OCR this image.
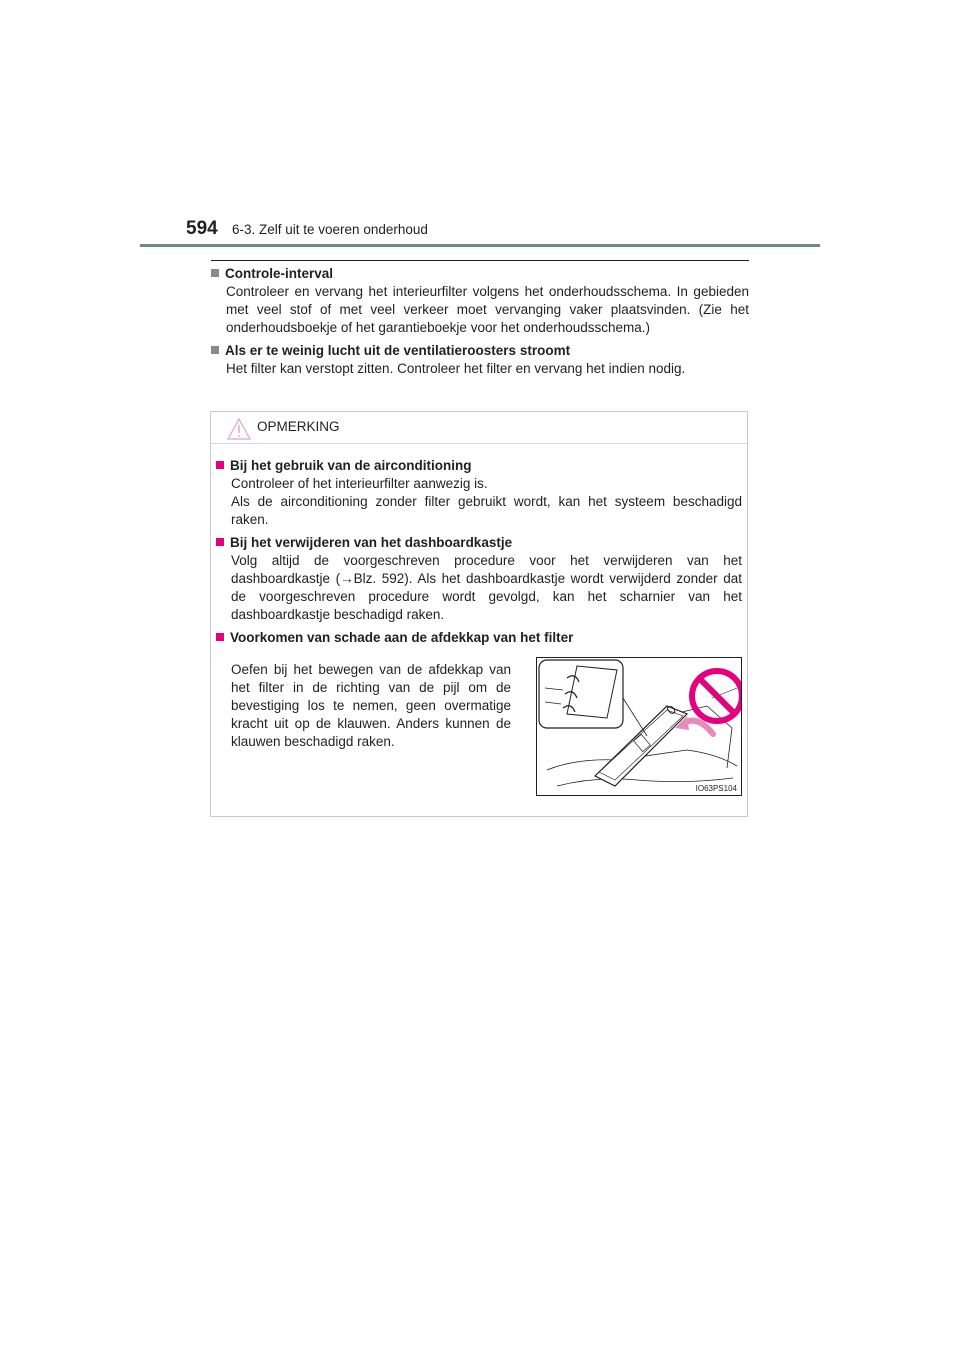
594 6-3. Zelf uit te voeren onderhoud
Controle-interval
Controleer en vervang het interieurfilter volgens het onderhoudsschema. In gebieden met veel stof of met veel verkeer moet vervanging vaker plaatsvinden. (Zie het onderhoudsboekje of het garantieboekje voor het onderhoudsschema.)
Als er te weinig lucht uit de ventilatieroosters stroomt
Het filter kan verstopt zitten. Controleer het filter en vervang het indien nodig.
OPMERKING
Bij het gebruik van de airconditioning
Controleer of het interieurfilter aanwezig is.
Als de airconditioning zonder filter gebruikt wordt, kan het systeem beschadigd raken.
Bij het verwijderen van het dashboardkastje
Volg altijd de voorgeschreven procedure voor het verwijderen van het dashboardkastje (→Blz. 592). Als het dashboardkastje wordt verwijderd zonder dat de voorgeschreven procedure wordt gevolgd, kan het scharnier van het dashboardkastje beschadigd raken.
Voorkomen van schade aan de afdekkap van het filter
Oefen bij het bewegen van de afdekkap van het filter in de richting van de pijl om de bevestiging los te nemen, geen overmatige kracht uit op de klauwen. Anders kunnen de klauwen beschadigd raken.
IO63PS104
